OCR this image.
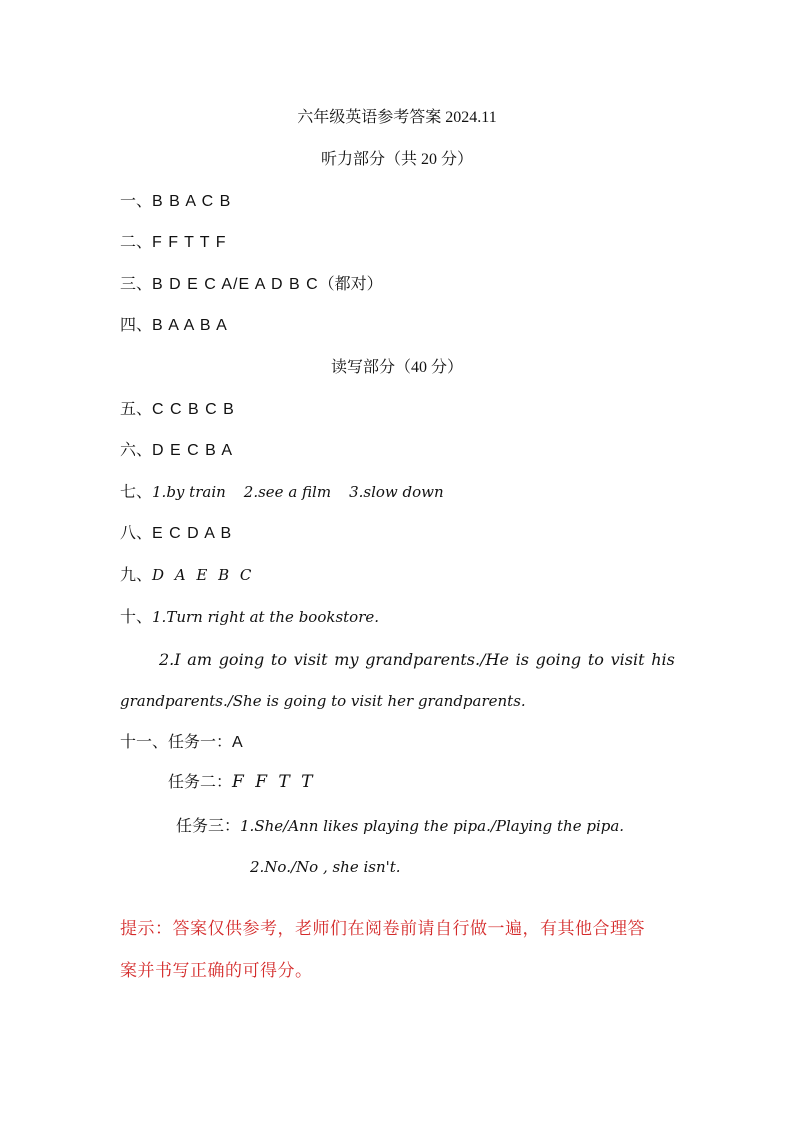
六年级英语参考答案 2024.11
听力部分（共 20 分）
一、B B A C B
二、F F T T F
三、B D E C A/E A D B C（都对）
四、B A A B A
读写部分（40 分）
五、C C B C B
六、D E C B A
七、1.by train 2.see a film 3.slow down
八、E C D A B
九、D A E B C
十、1.Turn right at the bookstore.
2.I am going to visit my grandparents./He is going to visit his
grandparents./She is going to visit her grandparents.
十一、任务一：A
任务二：F F T T
任务三：1.She/Ann likes playing the pipa./Playing the pipa.
2.No./No , she isn't.
提示：答案仅供参考，老师们在阅卷前请自行做一遍，有其他合理答
案并书写正确的可得分。
